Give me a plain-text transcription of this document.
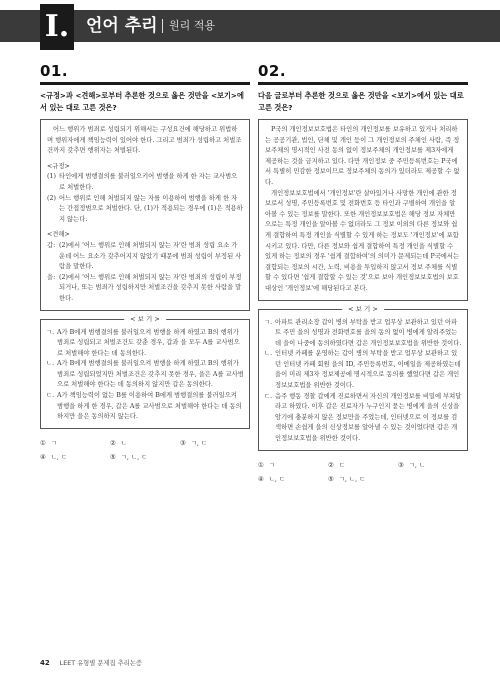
I. 언어 추리 원리 적용
01.
<규정>과 <견해>로부터 추론한 것으로 옳은 것만을 <보기>에서 있는 대로 고른 것은?

어느 행위가 범죄로 성립되기 위해서는 구성요건에 해당하고 위법하며 행위자에게 책임능력이 있어야 한다. 그리고 범죄가 성립하고 처벌조건까지 갖추면 행위자는 처벌된다.

<규정>
(1) 타인에게 범행결의를 불러일으키어 범행을 하게 한 자는 교사범으로 처벌한다.
(2) 어느 행위로 인해 처벌되지 않는 자를 이용하여 범행을 하게 한 자는 간접정범으로 처벌한다. 단, (1)가 적용되는 경우에 (1)은 적용하지 않는다.
<견해>
갑: (2)에서 '어느 행위로 인해 처벌되지 않는 자'란 범죄 성립 요소 가운데 어느 요소가 갖추어지지 않았기 때문에 범죄 성립이 부정된 사람을 말한다.
을: (2)에서 '어느 행위로 인해 처벌되지 않는 자'란 범죄의 성립이 부정되거나, 또는 범죄가 성립하지만 처벌조건을 갖추지 못한 사람을 말한다.
< 보 기 >
ㄱ. A가 B에게 범행결의를 불러일으켜 범행을 하게 하였고 B의 행위가 범죄로 성립되고 처벌조건도 갖춘 경우, 갑과 을 모두 A를 교사범으로 처벌해야 한다는 데 동의한다.
ㄴ. A가 B에게 범행결의를 불러일으켜 범행을 하게 하였고 B의 행위가 범죄로 성립되었지만 처벌조건은 갖추지 못한 경우, 을은 A를 교사범으로 처벌해야 한다는 데 동의하지 않지만 갑은 동의한다.
ㄷ. A가 책임능력이 없는 B를 이용하여 B에게 범행결의를 불러일으켜 범행을 하게 한 경우, 갑은 A를 교사범으로 처벌해야 한다는 데 동의하지만 을은 동의하지 않는다.
① ㄱ	② ㄴ	③ ㄱ, ㄷ
④ ㄴ, ㄷ	⑤ ㄱ, ㄴ, ㄷ
02.
다음 글로부터 추론한 것으로 옳은 것만을 <보기>에서 있는 대로 고른 것은?

P국의 개인정보보호법은 타인의 개인정보를 보유하고 있거나 처리하는 공공기관, 법인, 단체 및 개인 등이 그 개인정보의 주체인 사람, 즉 정보주체의 명시적인 사전 동의 없이 정보주체의 개인정보를 제3자에게 제공하는 것을 금지하고 있다. 다만 개인정보 중 주민등록번호는 P국에서 특별히 민감한 정보이므로 정보주체의 동의가 있더라도 제공할 수 없다.

개인정보보호법에서 '개인정보'란 살아있거나 사망한 개인에 관한 정보로서 성명, 주민등록번호 및 전화번호 등 타인과 구별하여 개인을 알아볼 수 있는 정보를 말한다. 또한 개인정보보호법은 해당 정보 자체만으로는 특정 개인을 알아볼 수 없더라도 그 정보 이외의 다른 정보와 쉽게 결합하여 특정 개인을 식별할 수 있게 하는 정보도 '개인정보'에 포함시키고 있다. 다만, 다른 정보와 쉽게 결합하여 특정 개인을 식별할 수 있게 하는 정보의 경우 '쉽게 결합하여'의 의미가 문제되는데 P국에서는 결합되는 정보의 시간, 노력, 비용을 투입하지 않고서 정보 주체를 식별할 수 있다면 '쉽게 결합할 수 있는 것'으로 보아 개인정보보호법의 보호 대상인 '개인정보'에 해당된다고 본다.

< 보 기 >
ㄱ. 아파트 관리소장 갑이 병의 부탁을 받고 업무상 보관하고 있던 아파트 주민 을의 성명과 전화번호를 을의 동의 없이 병에게 알려주었는데 을이 나중에 동의하였다면 갑은 개인정보보호법을 위반한 것이다.
ㄴ. 인터넷 카페를 운영하는 갑이 병의 부탁을 받고 업무상 보관하고 있던 인터넷 카페 회원 을의 ID, 주민등록번호, 이메일을 제공하였는데 을이 미리 제3자 정보제공에 명시적으로 동의를 했었다면 갑은 개인정보보호법을 위반한 것이다.
ㄷ. 음주 행동 경찰 갑에게 진료하면서 자신의 개인정보를 비밀에 부쳐달라고 하였다. 이후 갑은 진료자가 누구인지 묻는 병에게 을의 신상을 암기에 충분하지 않은 정보만을 주었는데, 인터넷으로 이 정보를 검색하면 손쉽게 을의 신상정보를 알아낼 수 있는 것이었다면 갑은 개인정보보호법을 위반한 것이다.
① ㄱ	② ㄷ	③ ㄱ, ㄴ
④ ㄴ, ㄷ	⑤ ㄱ, ㄴ, ㄷ
42 LEET 유형별 문제집 추리논증
